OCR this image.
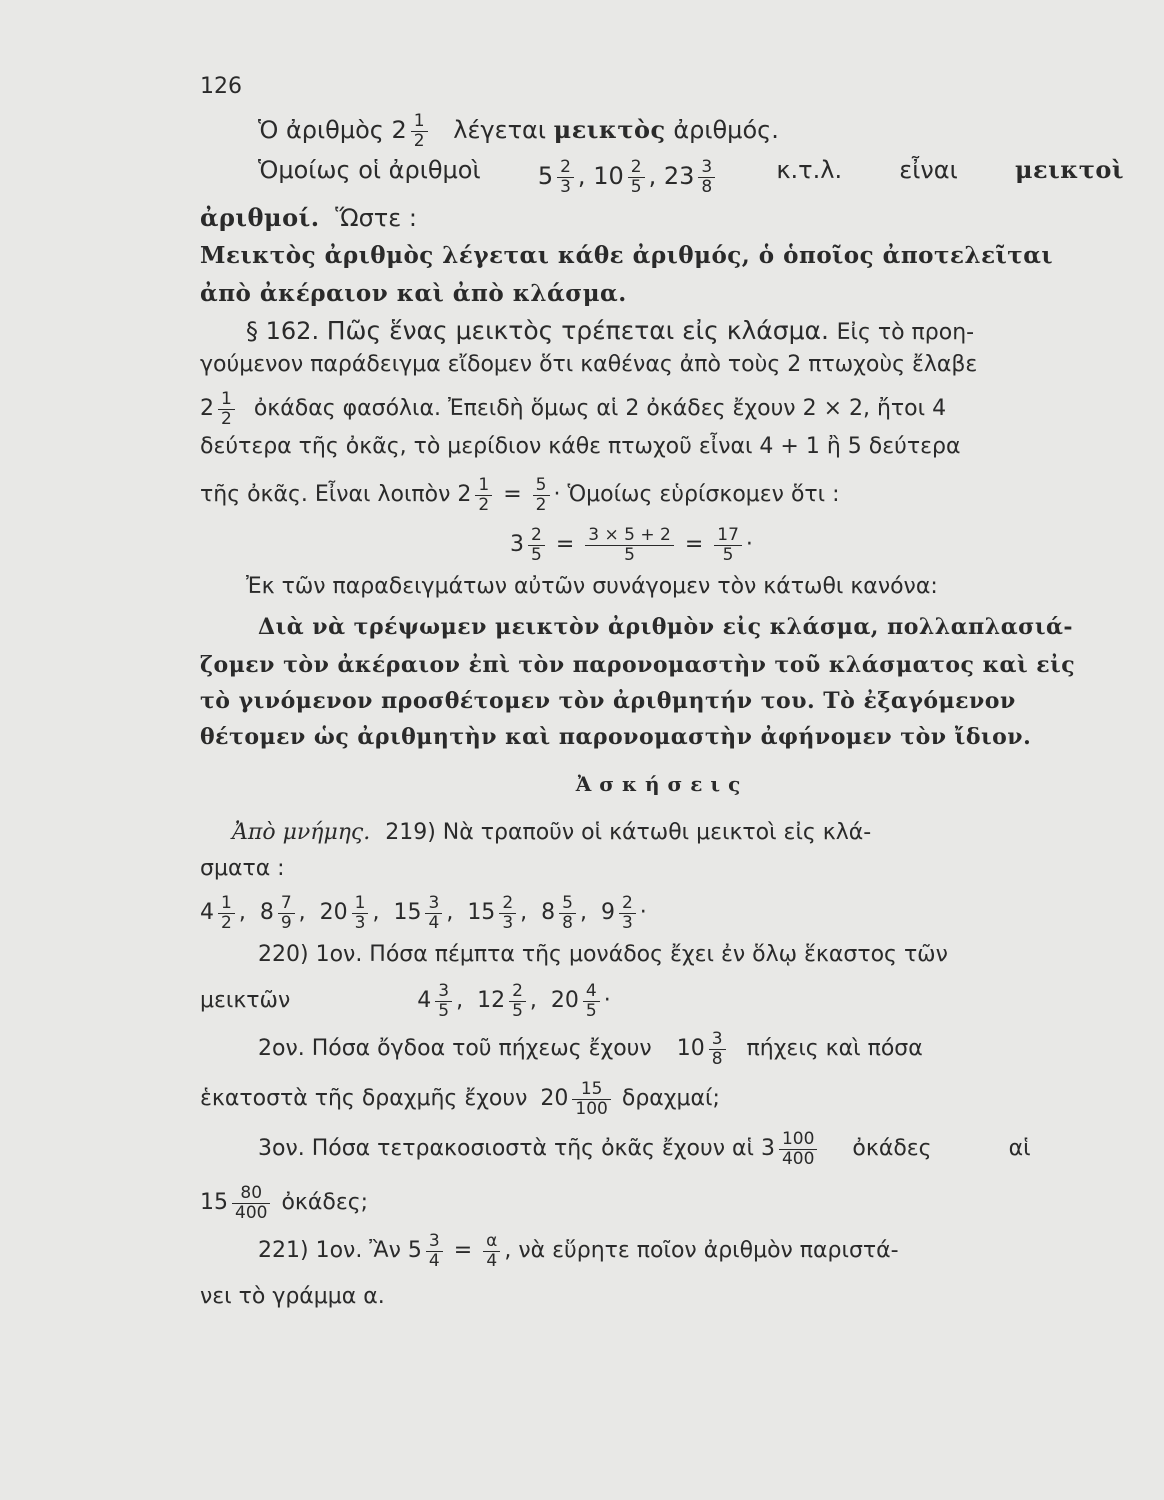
126
Ὁ ἀριθμὸς $2 \frac{1}{2}$ λέγεται μεικτὸς ἀριθμός.
Ὁμοίως οἱ ἀριθμοὶ $5 \frac{2}{3}$ , $10 \frac{2}{5}$ , $23 \frac{3}{8}$	κ.τ.λ. εἶναι μεικτοὶ
ἀριθμοί. Ὥστε :
Μεικτὸς ἀριθμὸς λέγεται κάθε ἀριθμός, ὁ ὁποῖος ἀποτελεῖται
ἀπὸ ἀκέραιον καὶ ἀπὸ κλάσμα.
§ 162. Πῶς ἕνας μεικτὸς τρέπεται εἰς κλάσμα. Εἰς τὸ προη-
γούμενον παράδειγμα εἴδομεν ὅτι καθένας ἀπὸ τοὺς 2 πτωχοὺς ἔλαβε
$2 \frac{1}{2}$ ὀκάδας φασόλια. Ἐπειδὴ ὅμως αἱ 2 ὀκάδες ἔχουν 2 × 2, ἤτοι 4
δεύτερα τῆς ὀκᾶς, τὸ μερίδιον κάθε πτωχοῦ εἶναι 4 + 1 ἢ 5 δεύτερα
τῆς ὀκᾶς. Εἶναι λοιπὸν $2 \frac{1}{2} = \frac{5}{2}$ · Ὁμοίως εὑρίσκομεν ὅτι :
$3 \frac{2}{5} = \frac{3 \times 5 + 2}{5} = \frac{17}{5}$ ·
Ἐκ τῶν παραδειγμάτων αὐτῶν συνάγομεν τὸν κάτωθι κανόνα:
Διὰ νὰ τρέψωμεν μεικτὸν ἀριθμὸν εἰς κλάσμα, πολλαπλασιά-
ζομεν τὸν ἀκέραιον ἐπὶ τὸν παρονομαστὴν τοῦ κλάσματος καὶ εἰς
τὸ γινόμενον προσθέτομεν τὸν ἀριθμητήν του. Τὸ ἐξαγόμενον
θέτομεν ὡς ἀριθμητὴν καὶ παρονομαστὴν ἀφήνομεν τὸν ἴδιον.
Ἀσκήσεις
Ἀπὸ μνήμης. 219) Νὰ τραποῦν οἱ κάτωθι μεικτοὶ εἰς κλά-
σματα :
$4 \frac{1}{2}$ , $8 \frac{7}{9}$ , $20 \frac{1}{3}$ , $15 \frac{3}{4}$ , $15 \frac{2}{3}$ , $8 \frac{5}{8}$ , $9 \frac{2}{3}$ ·
220) 1ον. Πόσα πέμπτα τῆς μονάδος ἔχει ἐν ὅλῳ ἕκαστος τῶν
μεικτῶν	$4 \frac{3}{5}$ , $12 \frac{2}{5}$ , $20 \frac{4}{5}$ ·
2ον. Πόσα ὄγδοα τοῦ πήχεως ἔχουν $10 \frac{3}{8}$ πήχεις καὶ πόσα
ἑκατοστὰ τῆς δραχμῆς ἔχουν $20 \frac{15}{100} \delta\rho\alpha\chi\mu\alpha ί$;
3ον. Πόσα τετρακοσιοστὰ τῆς ὀκᾶς ἔχουν αἱ $3 \frac{100}{400}$ ὀκάδες	αἱ
$15 \frac{80}{400}$ ὀκάδες;
221) 1ον. Ἂν $5 \frac{3}{4} = \frac{\alpha}{4}$ , νὰ εὕρητε ποῖον ἀριθμὸν παριστά-
νει τὸ γράμμα α.
